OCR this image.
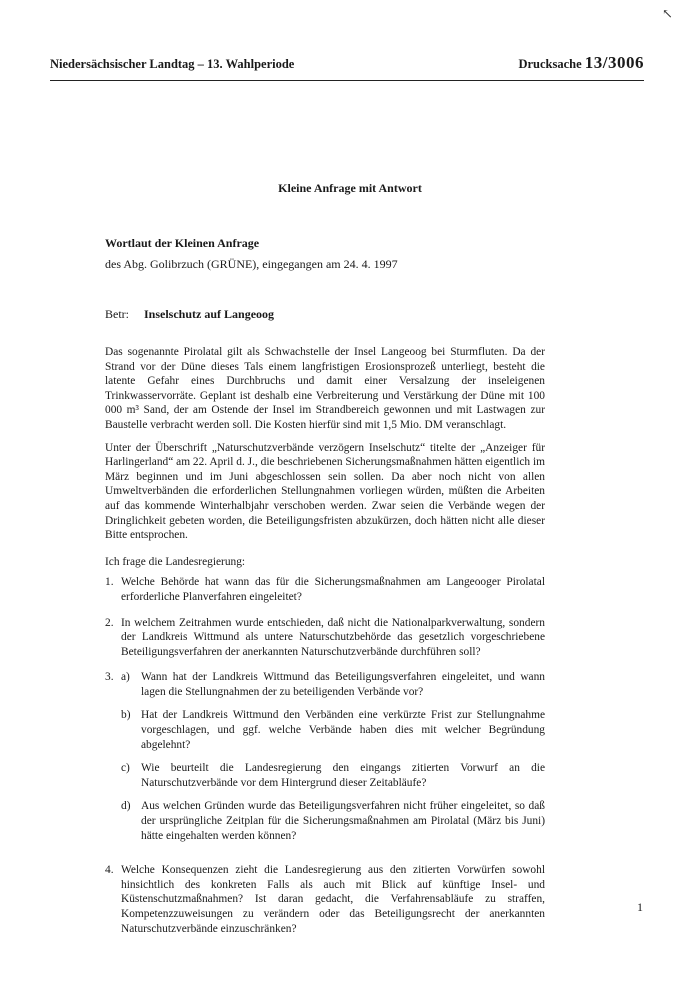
↖
Niedersächsischer Landtag – 13. Wahlperiode	Drucksache 13/3006
Kleine Anfrage mit Antwort
Wortlaut der Kleinen Anfrage
des Abg. Golibrzuch (GRÜNE), eingegangen am 24. 4. 1997
Betr: Inselschutz auf Langeoog

Das sogenannte Pirolatal gilt als Schwachstelle der Insel Langeoog bei Sturmfluten. Da der Strand vor der Düne dieses Tals einem langfristigen Erosionsprozeß unterliegt, besteht die latente Gefahr eines Durchbruchs und damit einer Versalzung der inseleigenen Trinkwasservorräte. Geplant ist deshalb eine Verbreiterung und Verstärkung der Düne mit 100 000 m³ Sand, der am Ostende der Insel im Strandbereich gewonnen und mit Lastwagen zur Baustelle verbracht werden soll. Die Kosten hierfür sind mit 1,5 Mio. DM veranschlagt.

Unter der Überschrift „Naturschutzverbände verzögern Inselschutz“ titelte der „Anzeiger für Harlingerland“ am 22. April d. J., die beschriebenen Sicherungsmaßnahmen hätten eigentlich im März beginnen und im Juni abgeschlossen sein sollen. Da aber noch nicht von allen Umweltverbänden die erforderlichen Stellungnahmen vorliegen würden, müßten die Arbeiten auf das kommende Winterhalbjahr verschoben werden. Zwar seien die Verbände wegen der Dringlichkeit gebeten worden, die Beteiligungsfristen abzukürzen, doch hätten nicht alle dieser Bitte entsprochen.

Ich frage die Landesregierung:
1. Welche Behörde hat wann das für die Sicherungsmaßnahmen am Langeooger Pirolatal erforderliche Planverfahren eingeleitet?
2. In welchem Zeitrahmen wurde entschieden, daß nicht die Nationalparkverwaltung, sondern der Landkreis Wittmund als untere Naturschutzbehörde das gesetzlich vorgeschriebene Beteiligungsverfahren der anerkannten Naturschutzverbände durchführen soll?
3. a) Wann hat der Landkreis Wittmund das Beteiligungsverfahren eingeleitet, und wann lagen die Stellungnahmen der zu beteiligenden Verbände vor?
b) Hat der Landkreis Wittmund den Verbänden eine verkürzte Frist zur Stellungnahme vorgeschlagen, und ggf. welche Verbände haben dies mit welcher Begründung abgelehnt?
c) Wie beurteilt die Landesregierung den eingangs zitierten Vorwurf an die Naturschutzverbände vor dem Hintergrund dieser Zeitabläufe?
d) Aus welchen Gründen wurde das Beteiligungsverfahren nicht früher eingeleitet, so daß der ursprüngliche Zeitplan für die Sicherungsmaßnahmen am Pirolatal (März bis Juni) hätte eingehalten werden können?
4. Welche Konsequenzen zieht die Landesregierung aus den zitierten Vorwürfen sowohl hinsichtlich des konkreten Falls als auch mit Blick auf künftige Insel- und Küstenschutzmaßnahmen? Ist daran gedacht, die Verfahrensabläufe zu straffen, Kompetenzzuweisungen zu verändern oder das Beteiligungsrecht der anerkannten Naturschutzverbände einzuschränken?
1
